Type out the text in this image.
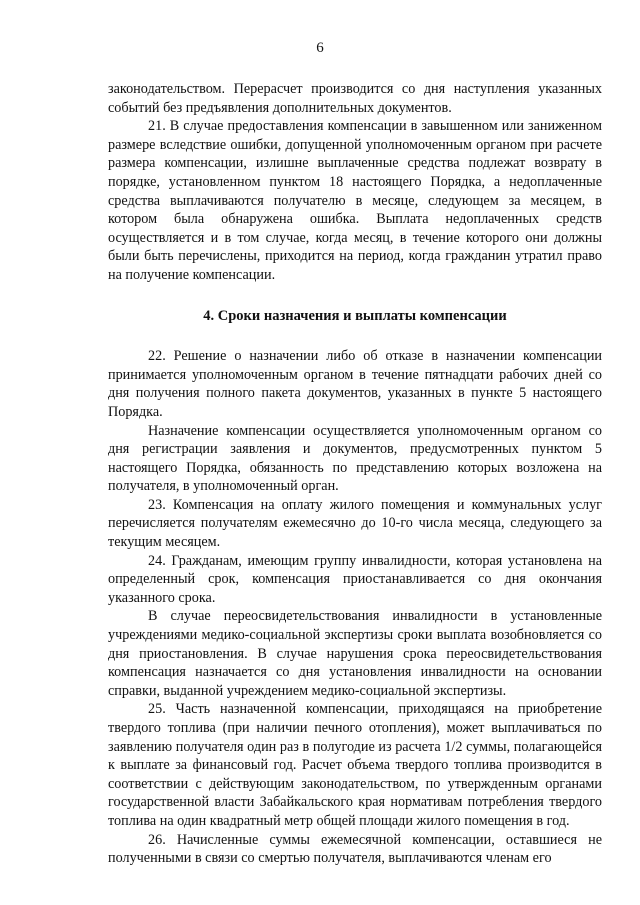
6

законодательством. Перерасчет производится со дня наступления указанных событий без предъявления дополнительных документов.

21. В случае предоставления компенсации в завышенном или заниженном размере вследствие ошибки, допущенной уполномоченным органом при расчете размера компенсации, излишне выплаченные средства подлежат возврату в порядке, установленном пунктом 18 настоящего Порядка, а недоплаченные средства выплачиваются получателю в месяце, следующем за месяцем, в котором была обнаружена ошибка. Выплата недоплаченных средств осуществляется и в том случае, когда месяц, в течение которого они должны были быть перечислены, приходится на период, когда гражданин утратил право на получение компенсации.

4. Сроки назначения и выплаты компенсации

22. Решение о назначении либо об отказе в назначении компенсации принимается уполномоченным органом в течение пятнадцати рабочих дней со дня получения полного пакета документов, указанных в пункте 5 настоящего Порядка.

Назначение компенсации осуществляется уполномоченным органом со дня регистрации заявления и документов, предусмотренных пунктом 5 настоящего Порядка, обязанность по представлению которых возложена на получателя, в уполномоченный орган.

23. Компенсация на оплату жилого помещения и коммунальных услуг перечисляется получателям ежемесячно до 10-го числа месяца, следующего за текущим месяцем.

24. Гражданам, имеющим группу инвалидности, которая установлена на определенный срок, компенсация приостанавливается со дня окончания указанного срока.

В случае переосвидетельствования инвалидности в установленные учреждениями медико-социальной экспертизы сроки выплата возобновляется со дня приостановления. В случае нарушения срока переосвидетельствования компенсация назначается со дня установления инвалидности на основании справки, выданной учреждением медико-социальной экспертизы.

25. Часть назначенной компенсации, приходящаяся на приобретение твердого топлива (при наличии печного отопления), может выплачиваться по заявлению получателя один раз в полугодие из расчета 1/2 суммы, полагающейся к выплате за финансовый год. Расчет объема твердого топлива производится в соответствии с действующим законодательством, по утвержденным органами государственной власти Забайкальского края нормативам потребления твердого топлива на один квадратный метр общей площади жилого помещения в год.

26. Начисленные суммы ежемесячной компенсации, оставшиеся не полученными в связи со смертью получателя, выплачиваются членам его
